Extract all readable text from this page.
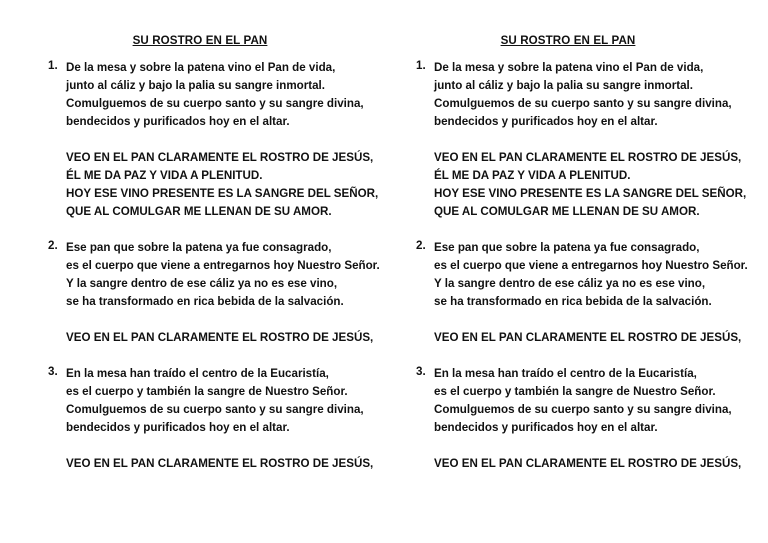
SU ROSTRO EN EL PAN
1. De la mesa y sobre la patena vino el Pan de vida,
junto al cáliz y bajo la palia su sangre inmortal.
Comulguemos de su cuerpo santo y su sangre divina,
bendecidos y purificados hoy en el altar.
VEO EN EL PAN CLARAMENTE EL ROSTRO DE JESÚS,
ÉL ME DA PAZ Y VIDA A PLENITUD.
HOY ESE VINO PRESENTE ES LA SANGRE DEL SEÑOR,
QUE AL COMULGAR ME LLENAN DE SU AMOR.
2. Ese pan que sobre la patena ya fue consagrado,
es el cuerpo que viene a entregarnos hoy Nuestro Señor.
Y la sangre dentro de ese cáliz ya no es ese vino,
se ha transformado en rica bebida de la salvación.
VEO EN EL PAN CLARAMENTE EL ROSTRO DE JESÚS,
3. En la mesa han traído el centro de la Eucaristía,
es el cuerpo y también la sangre de Nuestro Señor.
Comulguemos de su cuerpo santo y su sangre divina,
bendecidos y purificados hoy en el altar.
VEO EN EL PAN CLARAMENTE EL ROSTRO DE JESÚS,
SU ROSTRO EN EL PAN
1. De la mesa y sobre la patena vino el Pan de vida,
junto al cáliz y bajo la palia su sangre inmortal.
Comulguemos de su cuerpo santo y su sangre divina,
bendecidos y purificados hoy en el altar.
VEO EN EL PAN CLARAMENTE EL ROSTRO DE JESÚS,
ÉL ME DA PAZ Y VIDA A PLENITUD.
HOY ESE VINO PRESENTE ES LA SANGRE DEL SEÑOR,
QUE AL COMULGAR ME LLENAN DE SU AMOR.
2. Ese pan que sobre la patena ya fue consagrado,
es el cuerpo que viene a entregarnos hoy Nuestro Señor.
Y la sangre dentro de ese cáliz ya no es ese vino,
se ha transformado en rica bebida de la salvación.
VEO EN EL PAN CLARAMENTE EL ROSTRO DE JESÚS,
3. En la mesa han traído el centro de la Eucaristía,
es el cuerpo y también la sangre de Nuestro Señor.
Comulguemos de su cuerpo santo y su sangre divina,
bendecidos y purificados hoy en el altar.
VEO EN EL PAN CLARAMENTE EL ROSTRO DE JESÚS,
